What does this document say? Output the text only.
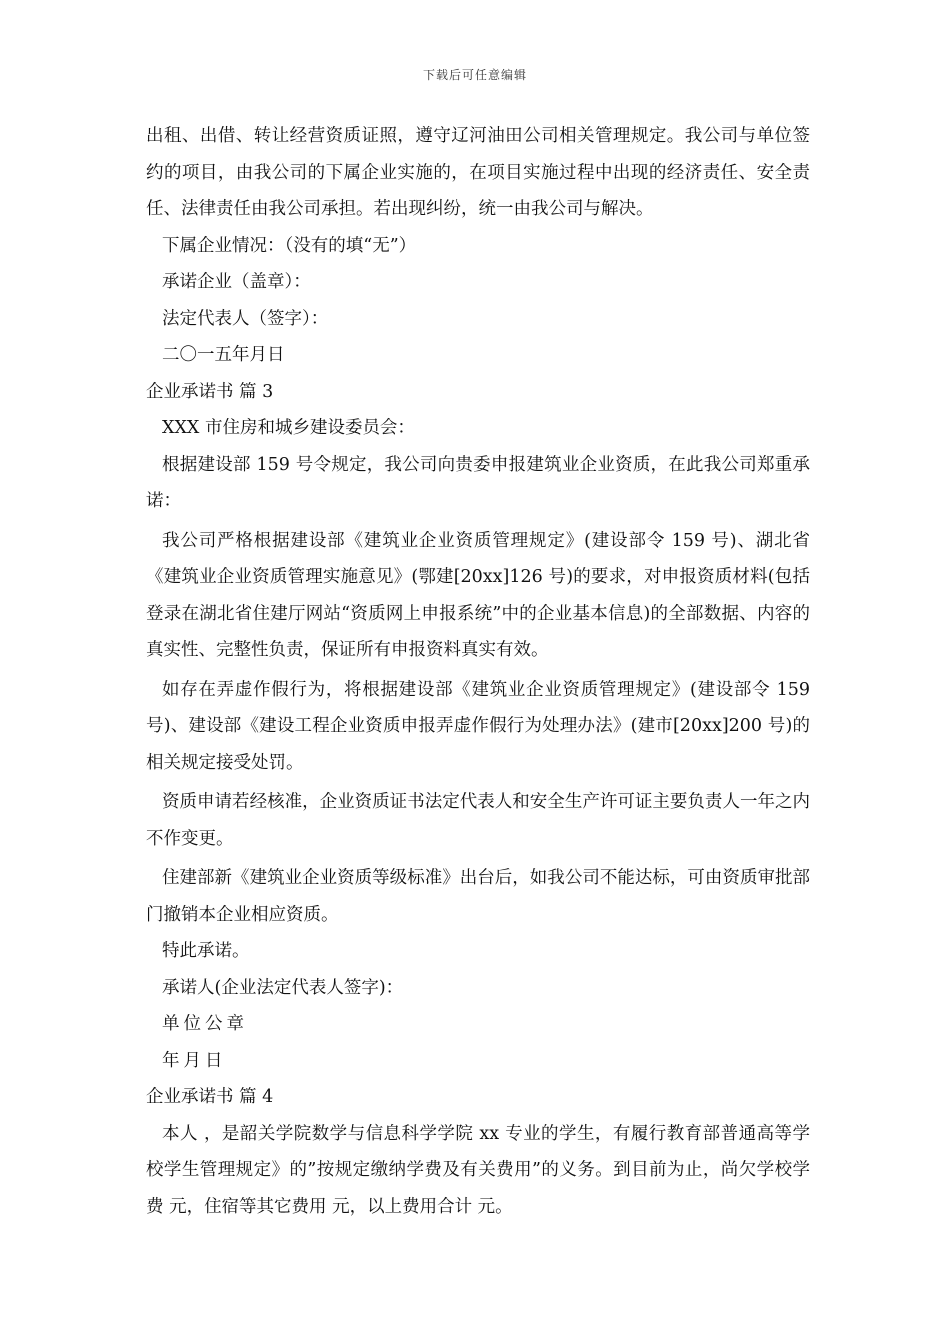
下载后可任意编辑

出租、出借、转让经营资质证照，遵守辽河油田公司相关管理规定。我公司与单位签约的项目，由我公司的下属企业实施的，在项目实施过程中出现的经济责任、安全责任、法律责任由我公司承担。若出现纠纷，统一由我公司与解决。

下属企业情况：（没有的填“无”）

承诺企业（盖章）：

法定代表人（签字）：

二〇一五年月日

企业承诺书 篇 3

XXX 市住房和城乡建设委员会：

根据建设部 159 号令规定，我公司向贵委申报建筑业企业资质，在此我公司郑重承诺：

我公司严格根据建设部《建筑业企业资质管理规定》(建设部令 159 号)、湖北省《建筑业企业资质管理实施意见》(鄂建[20xx]126 号)的要求，对申报资质材料(包括登录在湖北省住建厅网站“资质网上申报系统”中的企业基本信息)的全部数据、内容的真实性、完整性负责，保证所有申报资料真实有效。

如存在弄虚作假行为，将根据建设部《建筑业企业资质管理规定》(建设部令 159 号)、建设部《建设工程企业资质申报弄虚作假行为处理办法》(建市[20xx]200 号)的相关规定接受处罚。

资质申请若经核准，企业资质证书法定代表人和安全生产许可证主要负责人一年之内不作变更。

住建部新《建筑业企业资质等级标准》出台后，如我公司不能达标，可由资质审批部门撤销本企业相应资质。

特此承诺。

承诺人(企业法定代表人签字)：

单位公章

年月日

企业承诺书 篇 4

本人 ，是韶关学院数学与信息科学学院 xx 专业的学生，有履行教育部普通高等学校学生管理规定》的”按规定缴纳学费及有关费用”的义务。到目前为止，尚欠学校学费 元，住宿等其它费用 元，以上费用合计 元。
